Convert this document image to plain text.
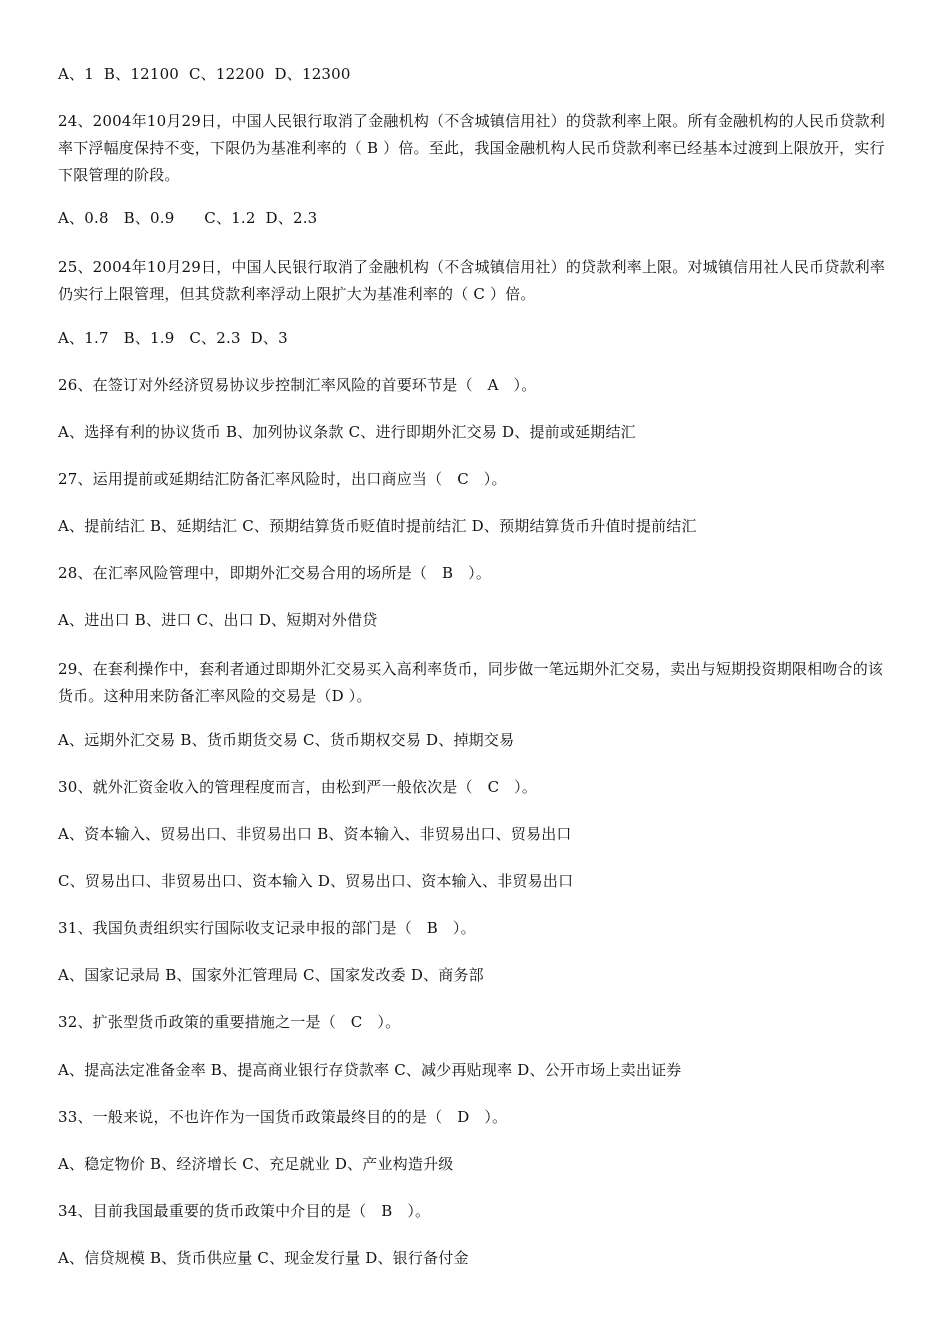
A、1  B、12100  C、12200  D、12300
24、2004年10月29日，中国人民银行取消了金融机构（不含城镇信用社）的贷款利率上限。所有金融机构的人民币贷款利率下浮幅度保持不变，下限仍为基准利率的（ B ）倍。至此，我国金融机构人民币贷款利率已经基本过渡到上限放开，实行下限管理的阶段。
A、0.8   B、0.9      C、1.2  D、2.3
25、2004年10月29日，中国人民银行取消了金融机构（不含城镇信用社）的贷款利率上限。对城镇信用社人民币贷款利率仍实行上限管理，但其贷款利率浮动上限扩大为基准利率的（ C ）倍。
A、1.7   B、1.9   C、2.3  D、3
26、在签订对外经济贸易协议步控制汇率风险的首要环节是（   A   ）。
A、选择有利的协议货币 B、加列协议条款 C、进行即期外汇交易 D、提前或延期结汇
27、运用提前或延期结汇防备汇率风险时，出口商应当（   C   ）。
A、提前结汇 B、延期结汇 C、预期结算货币贬值时提前结汇 D、预期结算货币升值时提前结汇
28、在汇率风险管理中，即期外汇交易合用的场所是（   B   ）。
A、进出口 B、进口 C、出口 D、短期对外借贷
29、在套利操作中，套利者通过即期外汇交易买入高利率货币，同步做一笔远期外汇交易，卖出与短期投资期限相吻合的该货币。这种用来防备汇率风险的交易是（D ）。
A、远期外汇交易 B、货币期货交易 C、货币期权交易 D、掉期交易
30、就外汇资金收入的管理程度而言，由松到严一般依次是（   C   ）。
A、资本输入、贸易出口、非贸易出口 B、资本输入、非贸易出口、贸易出口
C、贸易出口、非贸易出口、资本输入 D、贸易出口、资本输入、非贸易出口
31、我国负责组织实行国际收支记录申报的部门是（   B   ）。
A、国家记录局 B、国家外汇管理局 C、国家发改委 D、商务部
32、扩张型货币政策的重要措施之一是（   C   ）。
A、提高法定准备金率 B、提高商业银行存贷款率 C、减少再贴现率 D、公开市场上卖出证券
33、一般来说，不也许作为一国货币政策最终目的的是（   D   ）。
A、稳定物价 B、经济增长 C、充足就业 D、产业构造升级
34、目前我国最重要的货币政策中介目的是（   B   ）。
A、信贷规模 B、货币供应量 C、现金发行量 D、银行备付金
